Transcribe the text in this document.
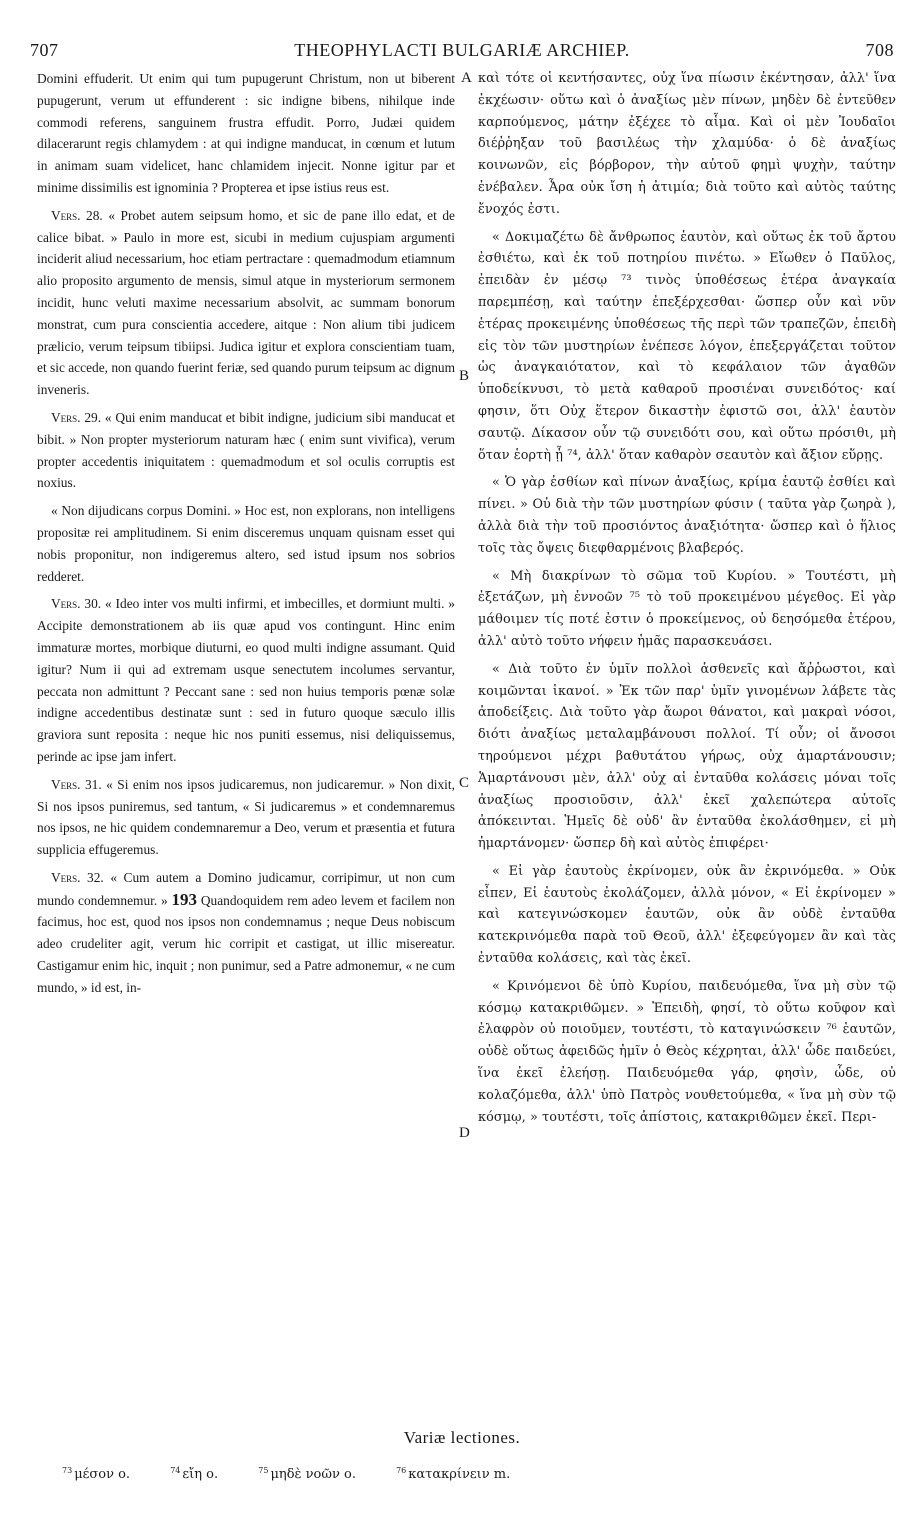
707	THEOPHYLACTI BULGARIÆ ARCHIEP.	708

Domini effuderit. Ut enim qui tum pupugerunt Christum, non ut biberent pupugerunt, verum ut effunderent : sic indigne bibens, nihilque inde commodi referens, sanguinem frustra effudit. Porro, Judæi quidem dilacerarunt regis chlamydem : at qui indigne manducat, in cœnum et lutum in animam suam videlicet, hanc chlamidem injecit. Nonne igitur par et minime dissimilis est ignominia ? Propterea et ipse istius reus est.

Vers. 28. « Probet autem seipsum homo, et sic de pane illo edat, et de calice bibat. » Paulo in more est, sicubi in medium cujuspiam argumenti inciderit aliud necessarium, hoc etiam pertractare : quemadmodum etiamnum alio proposito argumento de mensis, simul atque in mysteriorum sermonem incidit, hunc veluti maxime necessarium absolvit, ac summam bonorum monstrat, cum pura conscientia accedere, aitque : Non alium tibi judicem prælicio, verum teipsum tibiipsi. Judica igitur et explora conscientiam tuam, et sic accede, non quando fuerint feriæ, sed quando purum teipsum ac dignum inveneris.

Vers. 29. « Qui enim manducat et bibit indigne, judicium sibi manducat et bibit. » Non propter mysteriorum naturam hæc ( enim sunt vivifica), verum propter accedentis iniquitatem : quemadmodum et sol oculis corruptis est noxius.

« Non dijudicans corpus Domini. » Hoc est, non explorans, non intelligens propositæ rei amplitudinem. Si enim disceremus unquam quisnam esset qui nobis proponitur, non indigeremus altero, sed istud ipsum nos sobrios redderet.

Vers. 30. « Ideo inter vos multi infirmi, et imbecilles, et dormiunt multi. » Accipite demonstrationem ab iis quæ apud vos contingunt. Hinc enim immaturæ mortes, morbique diuturni, eo quod multi indigne assumant. Quid igitur? Num ii qui ad extremam usque senectutem incolumes servantur, peccata non admittunt ? Peccant sane : sed non huius temporis pœnæ solæ indigne accedentibus destinatæ sunt : sed in futuro quoque sæculo illis graviora sunt reposita : neque hic nos puniti essemus, nisi deliquissemus, perinde ac ipse jam infert.

Vers. 31. « Si enim nos ipsos judicaremus, non judicaremur. » Non dixit, Si nos ipsos puniremus, sed tantum, « Si judicaremus » et condemnaremus nos ipsos, ne hic quidem condemnaremur a Deo, verum et præsentia et futura supplicia effugeremus.

Vers. 32. « Cum autem a Domino judicamur, corripimur, ut non cum mundo condemnemur. » 193 Quandoquidem rem adeo levem et facilem non facimus, hoc est, quod nos ipsos non condemnamus ; neque Deus nobiscum adeo crudeliter agit, verum hic corripit et castigat, ut illic misereatur. Castigamur enim hic, inquit ; non punimur, sed a Patre admonemur, « ne cum mundo, » id est, in-

A
B
C
D

καὶ τότε οἱ κεντήσαντες, οὐχ ἵνα πίωσιν ἐκέντησαν, ἀλλ' ἵνα ἐκχέωσιν· οὕτω καὶ ὁ ἀναξίως μὲν πίνων, μηδὲν δὲ ἐντεῦθεν καρπούμενος, μάτην ἐξέχεε τὸ αἷμα. Καὶ οἱ μὲν Ἰουδαῖοι διέῤῥηξαν τοῦ βασιλέως τὴν χλαμύδα· ὁ δὲ ἀναξίως κοινωνῶν, εἰς βόρβορον, τὴν αὐτοῦ φημὶ ψυχὴν, ταύτην ἐνέβαλεν. Ἆρα οὐκ ἴση ἡ ἀτιμία; διὰ τοῦτο καὶ αὐτὸς ταύτης ἔνοχός ἐστι.

« Δοκιμαζέτω δὲ ἄνθρωπος ἑαυτὸν, καὶ οὕτως ἐκ τοῦ ἄρτου ἐσθιέτω, καὶ ἐκ τοῦ ποτηρίου πινέτω. » Εἴωθεν ὁ Παῦλος, ἐπειδὰν ἐν μέσῳ ⁷³ τινὸς ὑποθέσεως ἑτέρα ἀναγκαία παρεμπέσῃ, καὶ ταύτην ἐπεξέρχεσθαι· ὥσπερ οὖν καὶ νῦν ἑτέρας προκειμένης ὑποθέσεως τῆς περὶ τῶν τραπεζῶν, ἐπειδὴ εἰς τὸν τῶν μυστηρίων ἐνέπεσε λόγον, ἐπεξεργάζεται τοῦτον ὡς ἀναγκαιότατον, καὶ τὸ κεφάλαιον τῶν ἀγαθῶν ὑποδείκνυσι, τὸ μετὰ καθαροῦ προσιέναι συνειδότος· καί φησιν, ὅτι Οὐχ ἕτερον δικαστὴν ἐφιστῶ σοι, ἀλλ' ἑαυτὸν σαυτῷ. Δίκασον οὖν τῷ συνειδότι σου, καὶ οὕτω πρόσιθι, μὴ ὅταν ἑορτὴ ᾖ ⁷⁴, ἀλλ' ὅταν καθαρὸν σεαυτὸν καὶ ἄξιον εὕρῃς.

« Ὁ γὰρ ἐσθίων καὶ πίνων ἀναξίως, κρίμα ἑαυτῷ ἐσθίει καὶ πίνει. » Οὐ διὰ τὴν τῶν μυστηρίων φύσιν ( ταῦτα γὰρ ζωηρὰ ), ἀλλὰ διὰ τὴν τοῦ προσιόντος ἀναξιότητα· ὥσπερ καὶ ὁ ἥλιος τοῖς τὰς ὄψεις διεφθαρμένοις βλαβερός.

« Μὴ διακρίνων τὸ σῶμα τοῦ Κυρίου. » Τουτέστι, μὴ ἐξετάζων, μὴ ἐννοῶν ⁷⁵ τὸ τοῦ προκειμένου μέγεθος. Εἰ γὰρ μάθοιμεν τίς ποτέ ἐστιν ὁ προκείμενος, οὐ δεησόμεθα ἑτέρου, ἀλλ' αὐτὸ τοῦτο νήφειν ἡμᾶς παρασκευάσει.

« Διὰ τοῦτο ἐν ὑμῖν πολλοὶ ἀσθενεῖς καὶ ἄῤῥωστοι, καὶ κοιμῶνται ἱκανοί. » Ἐκ τῶν παρ' ὑμῖν γινομένων λάβετε τὰς ἀποδείξεις. Διὰ τοῦτο γὰρ ἄωροι θάνατοι, καὶ μακραὶ νόσοι, διότι ἀναξίως μεταλαμβάνουσι πολλοί. Τί οὖν; οἱ ἄνοσοι τηρούμενοι μέχρι βαθυτάτου γήρως, οὐχ ἁμαρτάνουσιν; Ἁμαρτάνουσι μὲν, ἀλλ' οὐχ αἱ ἐνταῦθα κολάσεις μόναι τοῖς ἀναξίως προσιοῦσιν, ἀλλ' ἐκεῖ χαλεπώτερα αὐτοῖς ἀπόκεινται. Ἡμεῖς δὲ οὐδ' ἂν ἐνταῦθα ἐκολάσθημεν, εἰ μὴ ἡμαρτάνομεν· ὥσπερ δὴ καὶ αὐτὸς ἐπιφέρει·

« Εἰ γὰρ ἑαυτοὺς ἐκρίνομεν, οὐκ ἂν ἐκρινόμεθα. » Οὐκ εἶπεν, Εἰ ἑαυτοὺς ἐκολάζομεν, ἀλλὰ μόνον, « Εἰ ἐκρίνομεν » καὶ κατεγινώσκομεν ἑαυτῶν, οὐκ ἂν οὐδὲ ἐνταῦθα κατεκρινόμεθα παρὰ τοῦ Θεοῦ, ἀλλ' ἐξεφεύγομεν ἂν καὶ τὰς ἐνταῦθα κολάσεις, καὶ τὰς ἐκεῖ.

« Κρινόμενοι δὲ ὑπὸ Κυρίου, παιδευόμεθα, ἵνα μὴ σὺν τῷ κόσμῳ κατακριθῶμεν. » Ἐπειδὴ, φησί, τὸ οὕτω κοῦφον καὶ ἐλαφρὸν οὐ ποιοῦμεν, τουτέστι, τὸ καταγινώσκειν ⁷⁶ ἑαυτῶν, οὐδὲ οὕτως ἀφειδῶς ἡμῖν ὁ Θεὸς κέχρηται, ἀλλ' ὧδε παιδεύει, ἵνα ἐκεῖ ἐλεήσῃ. Παιδευόμεθα γάρ, φησὶν, ὧδε, οὐ κολαζόμεθα, ἀλλ' ὑπὸ Πατρὸς νουθετούμεθα, « ἵνα μὴ σὺν τῷ κόσμῳ, » τουτέστι, τοῖς ἀπίστοις, κατακριθῶμεν ἐκεῖ. Περι-

Variæ lectiones.
$^{73}$ μέσον ο.	$^{74}$ εἴη ο.	$^{75}$ μηδὲ νοῶν ο.	$^{76}$ κατακρίνειν m.
